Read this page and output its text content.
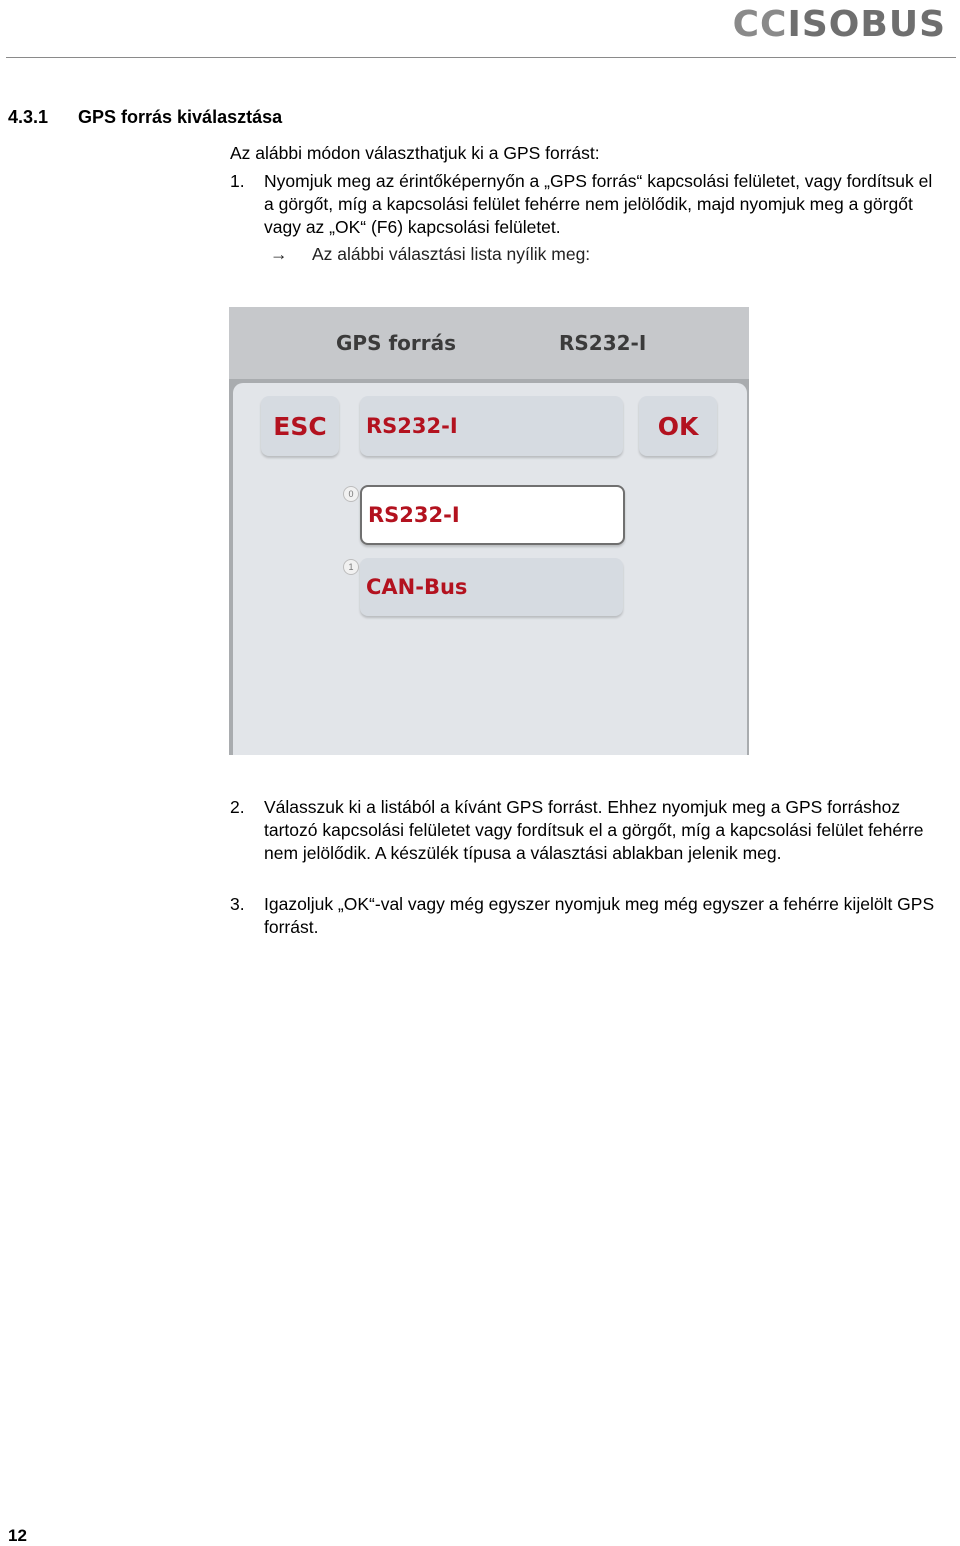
CCISOBUS
4.3.1 GPS forrás kiválasztása
Az alábbi módon választhatjuk ki a GPS forrást:
1. Nyomjuk meg az érintőképernyőn a „GPS forrás“ kapcsolási felületet, vagy fordítsuk el a görgőt, míg a kapcsolási felület fehérre nem jelölődik, majd nyomjuk meg a görgőt vagy az „OK“ (F6) kapcsolási felületet.
→ Az alábbi választási lista nyílik meg:
GPS forrás	RS232-I
ESC	RS232-I	OK
0
RS232-I
1
CAN-Bus
2. Válasszuk ki a listából a kívánt GPS forrást. Ehhez nyomjuk meg a GPS forráshoz tartozó kapcsolási felületet vagy fordítsuk el a görgőt, míg a kapcsolási felület fehérre nem jelölődik. A készülék típusa a választási ablakban jelenik meg.
3. Igazoljuk „OK“-val vagy még egyszer nyomjuk meg még egyszer a fehérre kijelölt GPS forrást.
12
